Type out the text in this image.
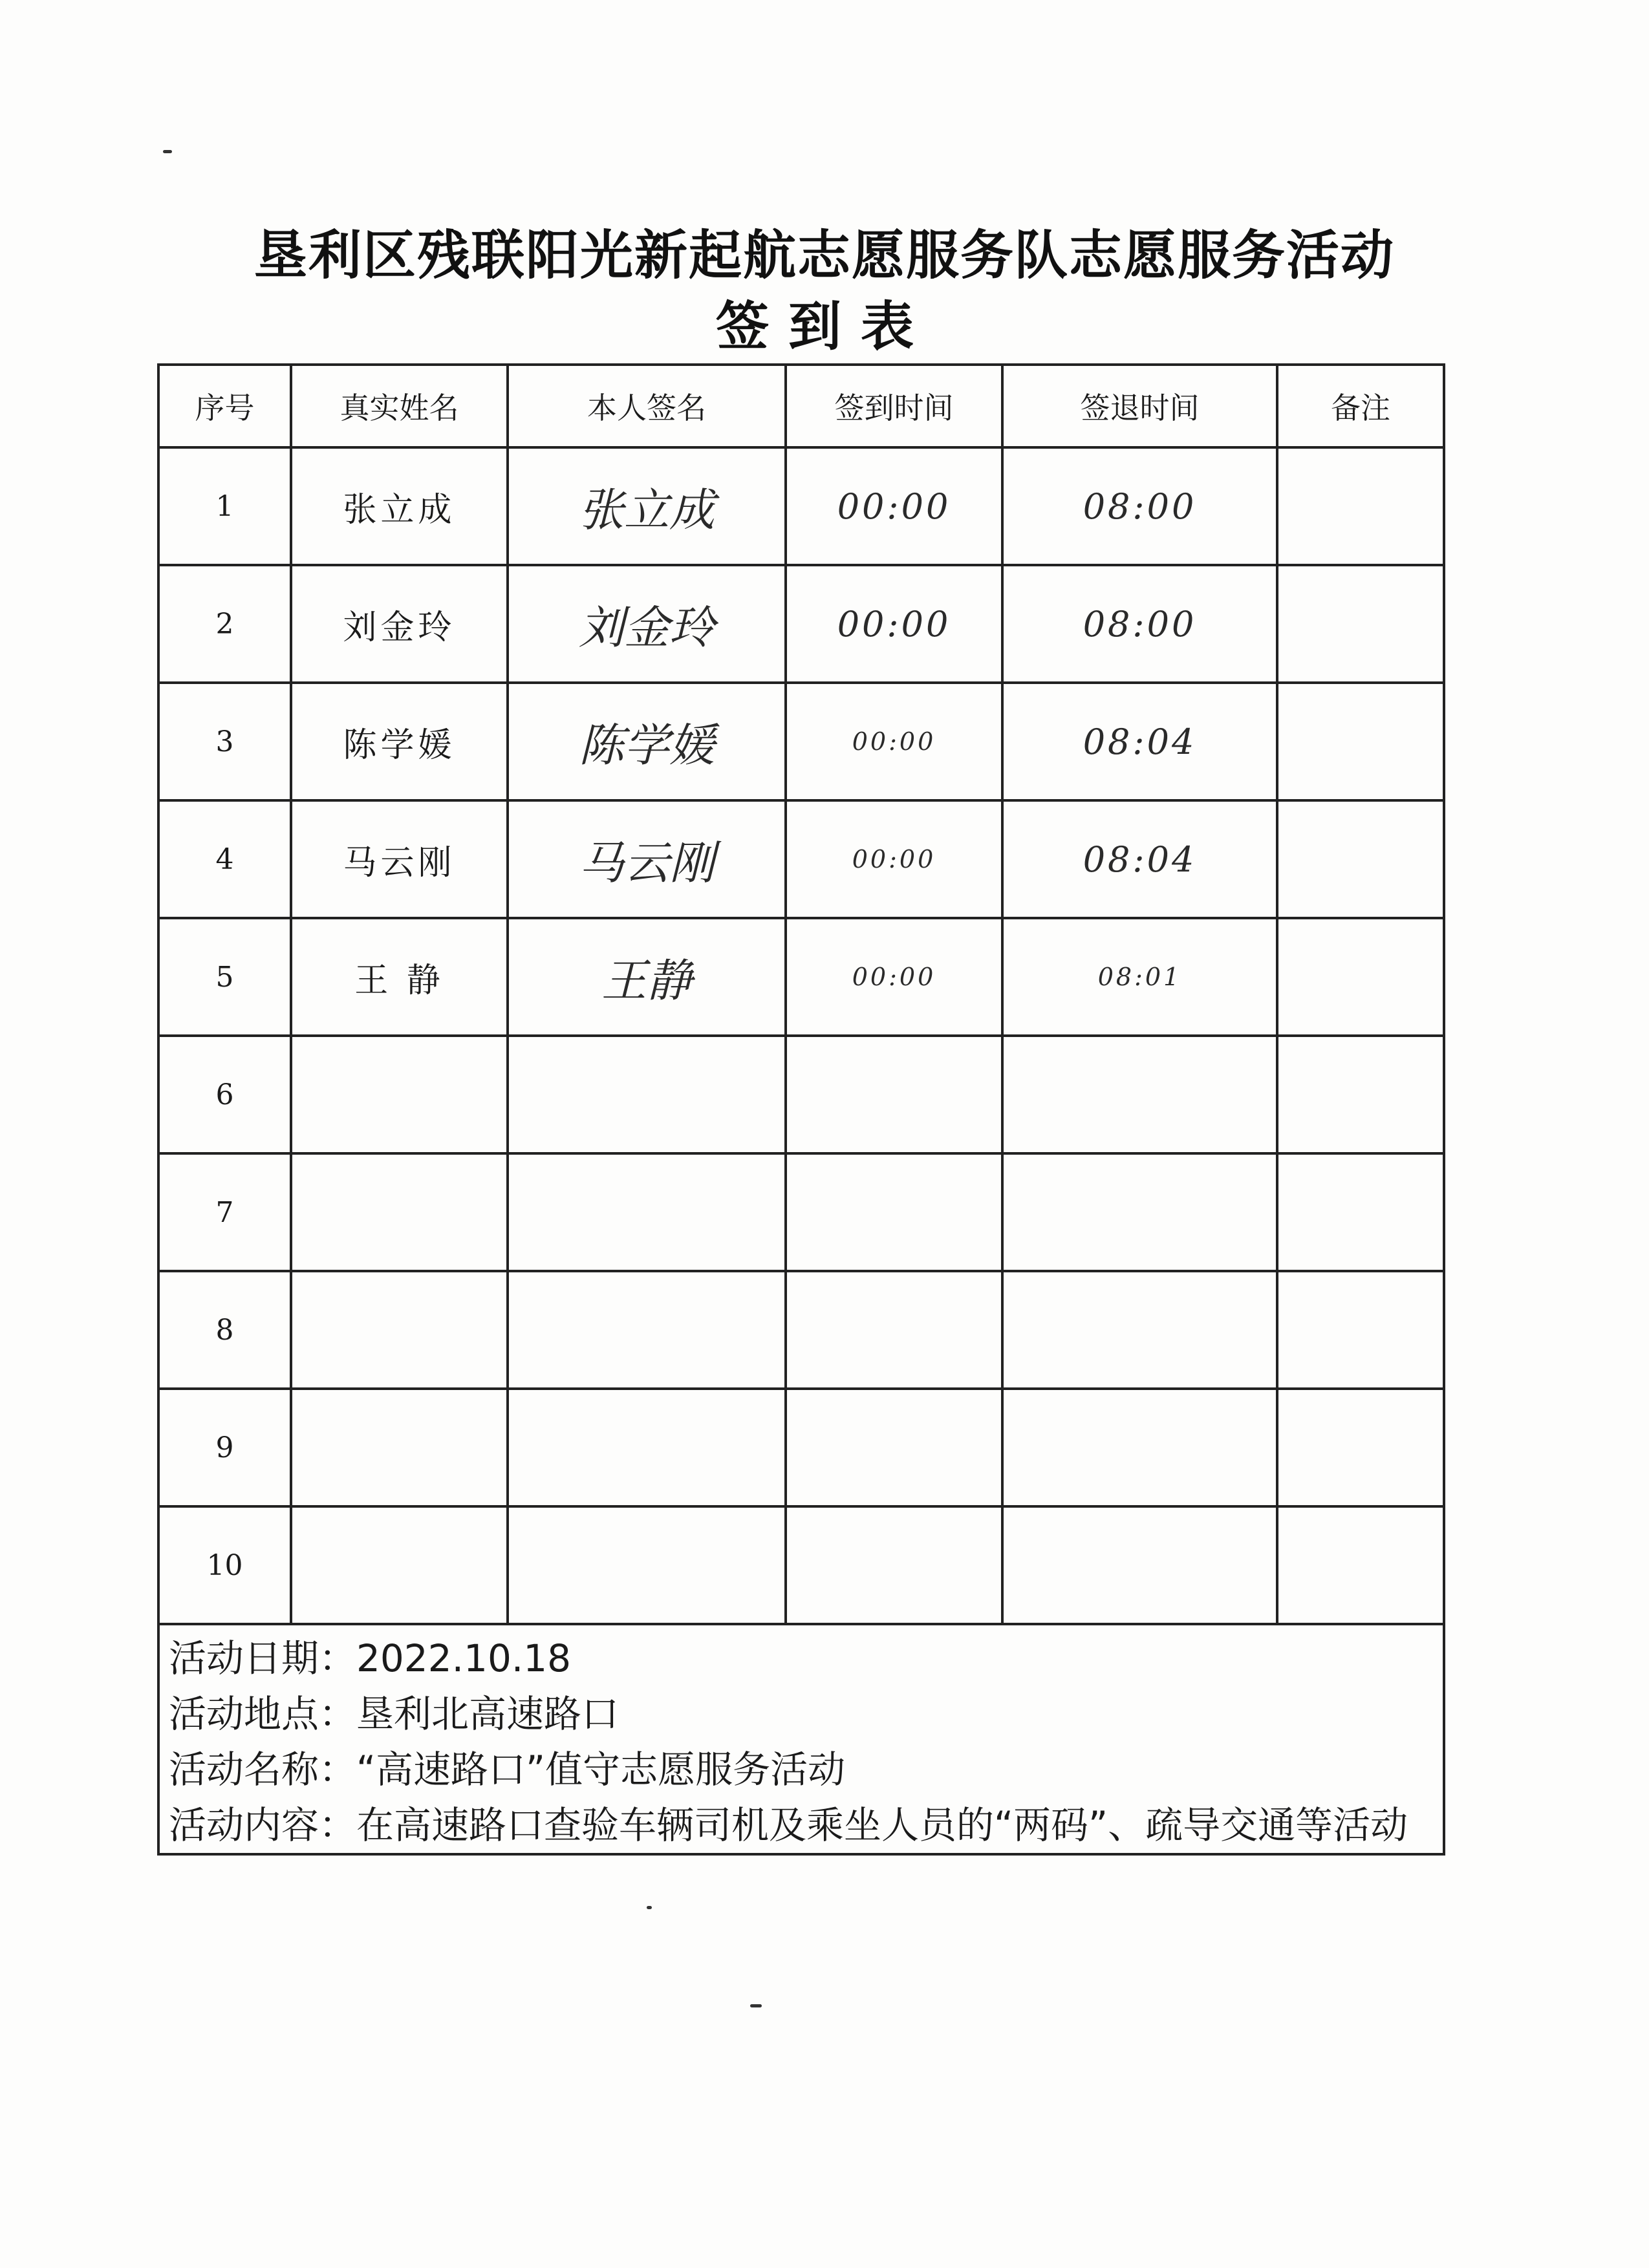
垦利区残联阳光新起航志愿服务队志愿服务活动
签到表
序号	真实姓名	本人签名	签到时间	签退时间	备注
1	张立成	张立成	00:00	08:00	
2	刘金玲	刘金玲	00:00	08:00	
3	陈学媛	陈学媛	00:00	08:04	
4	马云刚	马云刚	00:00	08:04	
5	王 静	王静	00:00	08:01	
6					
7					
8					
9					
10					

活动日期：2022.10.18
活动地点：垦利北高速路口
活动名称：“高速路口”值守志愿服务活动
活动内容：在高速路口查验车辆司机及乘坐人员的“两码”、疏导交通等活动					
